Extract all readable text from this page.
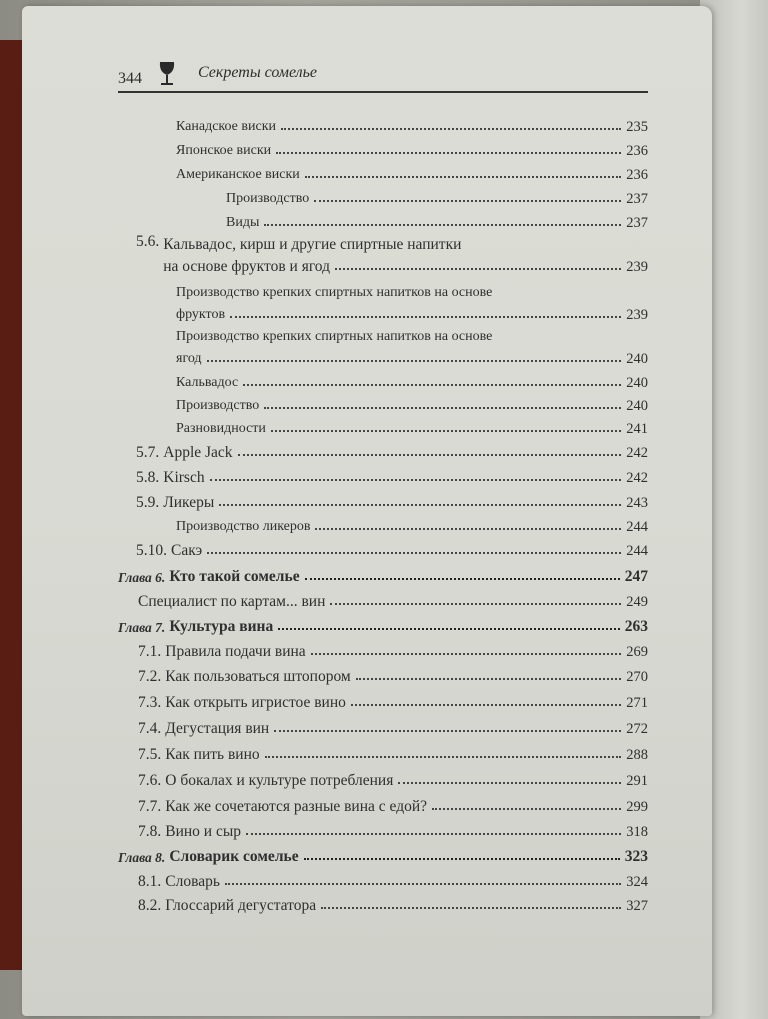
344	Секреты сомелье
Канадское виски	235
Японское виски	236
Американское виски	236
Производство	237
Виды	237
5.6. Кальвадос, кирш и другие спиртные напитки
на основе фруктов и ягод	239
Производство крепких спиртных напитков на основе
фруктов	239
Производство крепких спиртных напитков на основе
ягод	240
Кальвадос	240
Производство	240
Разновидности	241
5.7. Apple Jack	242
5.8. Kirsch	242
5.9. Ликеры	243
Производство ликеров	244
5.10. Сакэ	244
Глава 6. Кто такой сомелье	247
Специалист по картам... вин	249
Глава 7. Культура вина	263
7.1. Правила подачи вина	269
7.2. Как пользоваться штопором	270
7.3. Как открыть игристое вино	271
7.4. Дегустация вин	272
7.5. Как пить вино	288
7.6. О бокалах и культуре потребления	291
7.7. Как же сочетаются разные вина с едой?	299
7.8. Вино и сыр	318
Глава 8. Словарик сомелье	323
8.1. Словарь	324
8.2. Глоссарий дегустатора	327
